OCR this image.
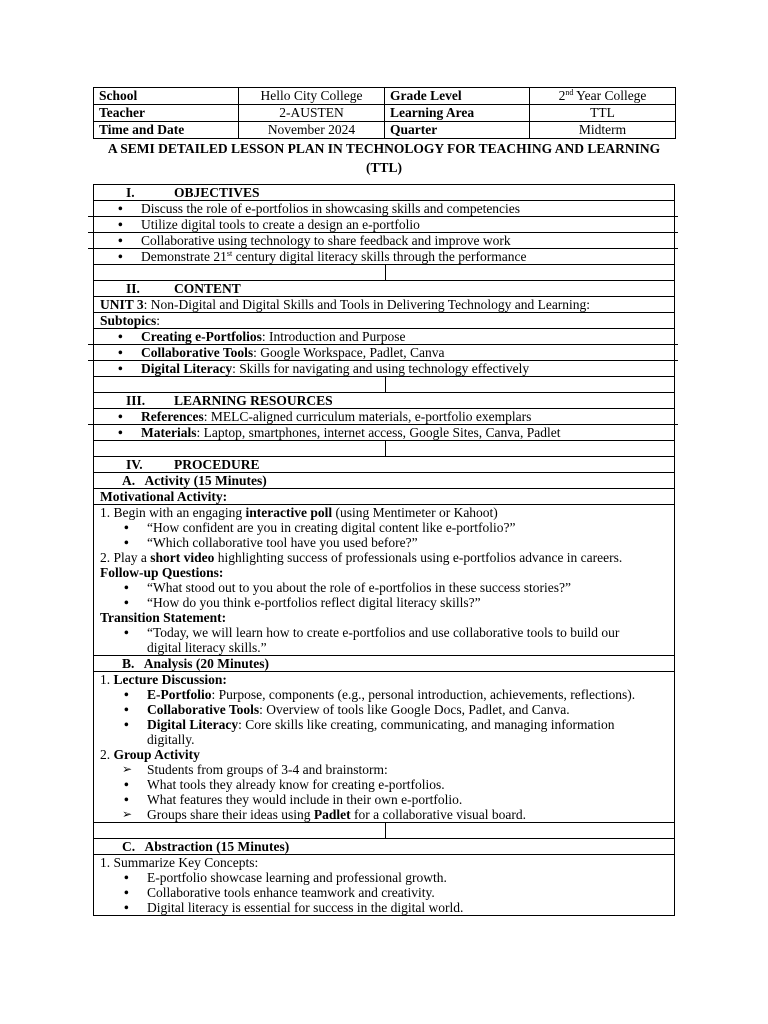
School	Hello City College	Grade Level	2nd Year College
Teacher	2-AUSTEN	Learning Area	TTL
Time and Date	November 2024	Quarter	Midterm
A SEMI DETAILED LESSON PLAN IN TECHNOLOGY FOR TEACHING AND LEARNING (TTL)
I.	OBJECTIVES
• Discuss the role of e-portfolios in showcasing skills and competencies
• Utilize digital tools to create a design an e-portfolio
• Collaborative using technology to share feedback and improve work
• Demonstrate 21st century digital literacy skills through the performance
II.	CONTENT
UNIT 3: Non-Digital and Digital Skills and Tools in Delivering Technology and Learning:
Subtopics:
• Creating e-Portfolios: Introduction and Purpose
• Collaborative Tools: Google Workspace, Padlet, Canva
• Digital Literacy: Skills for navigating and using technology effectively
III. LEARNING RESOURCES
• References: MELC-aligned curriculum materials, e-portfolio exemplars
• Materials: Laptop, smartphones, internet access, Google Sites, Canva, Padlet
IV. PROCEDURE
A.   Activity (15 Minutes)
Motivational Activity:
1. Begin with an engaging interactive poll (using Mentimeter or Kahoot)
• “How confident are you in creating digital content like e-portfolio?”
• “Which collaborative tool have you used before?”
2. Play a short video highlighting success of professionals using e-portfolios advance in careers.
Follow-up Questions:
• “What stood out to you about the role of e-portfolios in these success stories?”
• “How do you think e-portfolios reflect digital literacy skills?”
Transition Statement:
• “Today, we will learn how to create e-portfolios and use collaborative tools to build our digital literacy skills.”
B.   Analysis (20 Minutes)
1. Lecture Discussion:
• E-Portfolio: Purpose, components (e.g., personal introduction, achievements, reflections).
• Collaborative Tools: Overview of tools like Google Docs, Padlet, and Canva.
• Digital Literacy: Core skills like creating, communicating, and managing information digitally.
2. Group Activity
➢ Students from groups of 3-4 and brainstorm:
• What tools they already know for creating e-portfolios.
• What features they would include in their own e-portfolio.
➢ Groups share their ideas using Padlet for a collaborative visual board.
C.   Abstraction (15 Minutes)
1. Summarize Key Concepts:
• E-portfolio showcase learning and professional growth.
• Collaborative tools enhance teamwork and creativity.
• Digital literacy is essential for success in the digital world.
